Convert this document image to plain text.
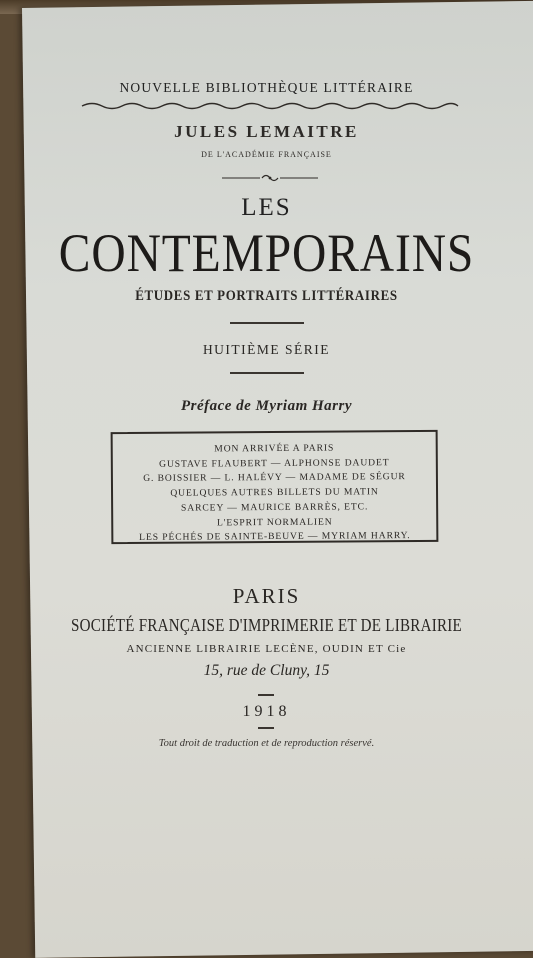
NOUVELLE BIBLIOTHÈQUE LITTÉRAIRE
JULES LEMAITRE
DE L'ACADÉMIE FRANÇAISE
LES
CONTEMPORAINS
ÉTUDES ET PORTRAITS LITTÉRAIRES
HUITIÈME SÉRIE
Préface de Myriam Harry
MON ARRIVÉE A PARIS
GUSTAVE FLAUBERT — ALPHONSE DAUDET
G. BOISSIER — L. HALÉVY — MADAME DE SÉGUR
QUELQUES AUTRES BILLETS DU MATIN
SARCEY — MAURICE BARRÈS, ETC.
L'ESPRIT NORMALIEN
LES PÉCHÉS DE SAINTE-BEUVE — MYRIAM HARRY.
PARIS
SOCIÉTÉ FRANÇAISE D'IMPRIMERIE ET DE LIBRAIRIE
ANCIENNE LIBRAIRIE LECÈNE, OUDIN ET Cie
15, rue de Cluny, 15
1918
Tout droit de traduction et de reproduction réservé.
